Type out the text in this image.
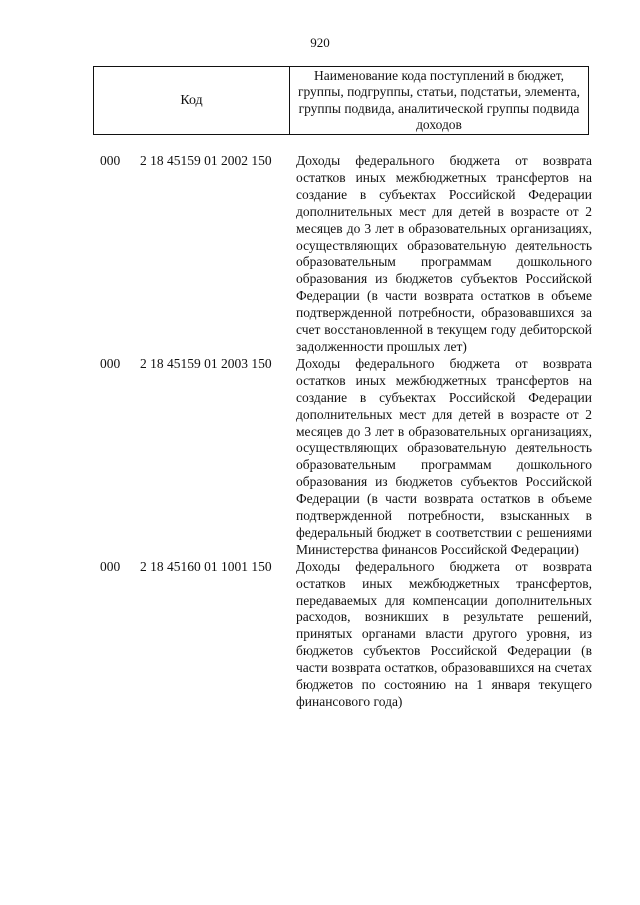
920
Код
Наименование кода поступлений в бюджет, группы, подгруппы, статьи, подстатьи, элемента, группы подвида, аналитической группы подвида доходов
000	2 18 45159 01 2002 150	Доходы федерального бюджета от возврата остатков иных межбюджетных трансфертов на создание в субъектах Российской Федерации дополнительных мест для детей в возрасте от 2 месяцев до 3 лет в образовательных организациях, осуществляющих образовательную деятельность образовательным программам дошкольного образования из бюджетов субъектов Российской Федерации (в части возврата остатков в объеме подтвержденной потребности, образовавшихся за счет восстановленной в текущем году дебиторской задолженности прошлых лет)
000	2 18 45159 01 2003 150	Доходы федерального бюджета от возврата остатков иных межбюджетных трансфертов на создание в субъектах Российской Федерации дополнительных мест для детей в возрасте от 2 месяцев до 3 лет в образовательных организациях, осуществляющих образовательную деятельность образовательным программам дошкольного образования из бюджетов субъектов Российской Федерации (в части возврата остатков в объеме подтвержденной потребности, взысканных в федеральный бюджет в соответствии с решениями Министерства финансов Российской Федерации)
000	2 18 45160 01 1001 150	Доходы федерального бюджета от возврата остатков иных межбюджетных трансфертов, передаваемых для компенсации дополнительных расходов, возникших в результате решений, принятых органами власти другого уровня, из бюджетов субъектов Российской Федерации (в части возврата остатков, образовавшихся на счетах бюджетов по состоянию на 1 января текущего финансового года)
